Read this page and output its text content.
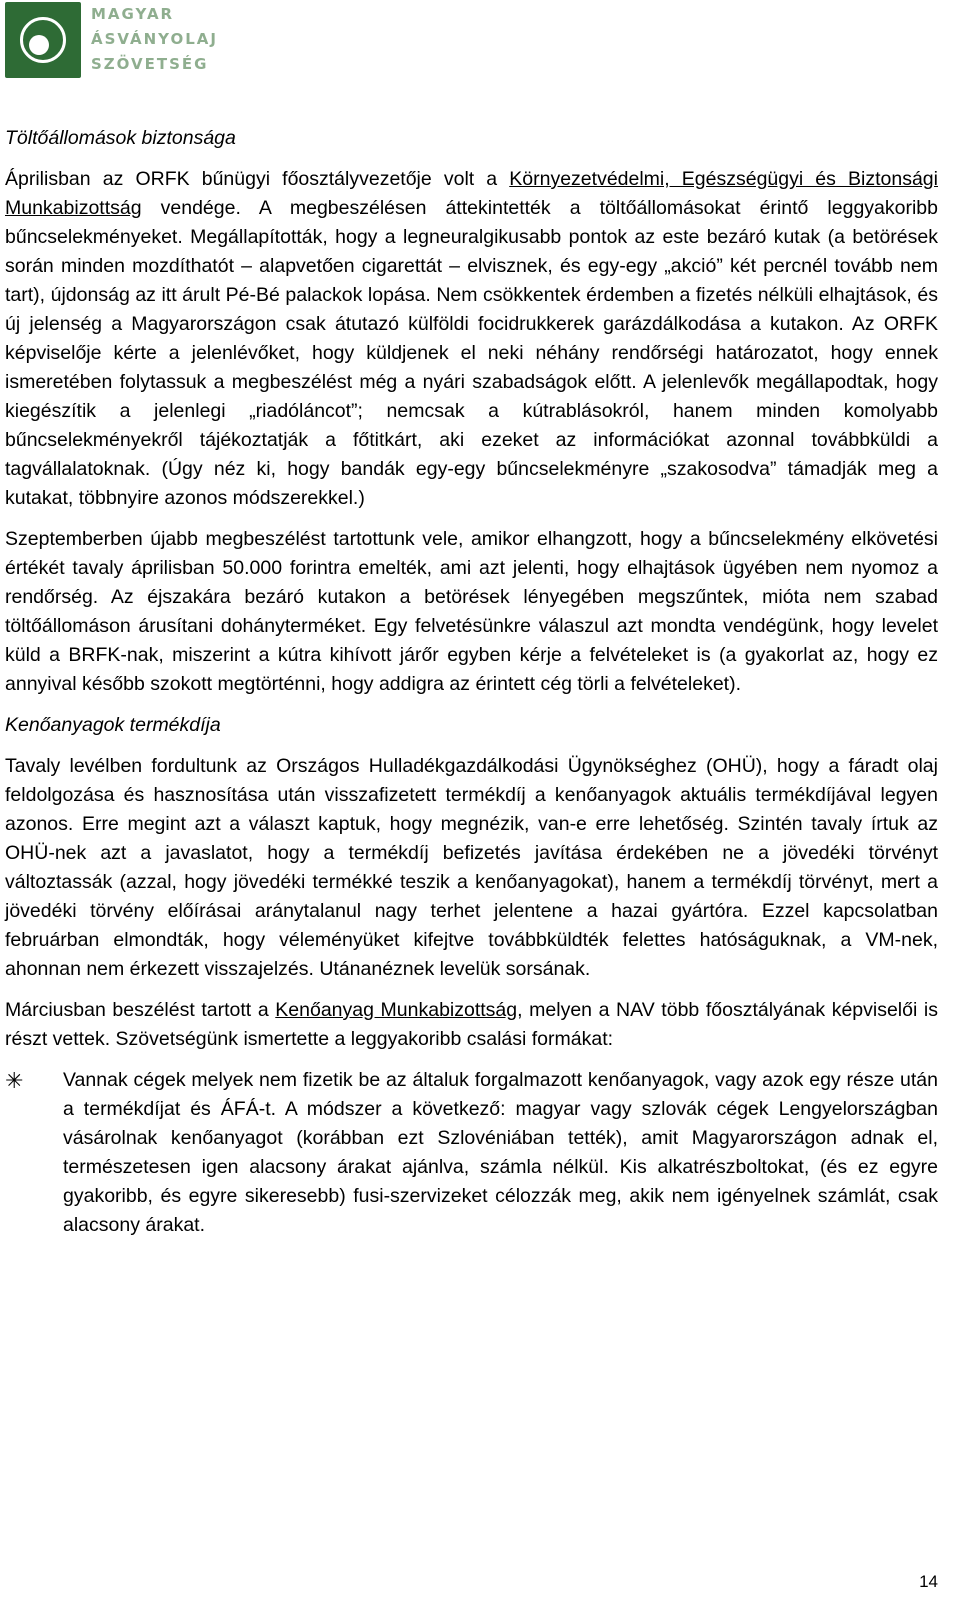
MAGYAR
ÁSVÁNYOLAJ
SZÖVETSÉG
Töltőállomások biztonsága

Áprilisban az ORFK bűnügyi főosztályvezetője volt a Környezetvédelmi, Egészségügyi és Biztonsági Munkabizottság vendége. A megbeszélésen áttekintették a töltőállomásokat érintő leggyakoribb bűncselekményeket. Megállapították, hogy a legneuralgikusabb pontok az este bezáró kutak (a betörések során minden mozdíthatót – alapvetően cigarettát – elvisznek, és egy-egy „akció” két percnél tovább nem tart), újdonság az itt árult Pé-Bé palackok lopása. Nem csökkentek érdemben a fizetés nélküli elhajtások, és új jelenség a Magyarországon csak átutazó külföldi focidrukkerek garázdálkodása a kutakon. Az ORFK képviselője kérte a jelenlévőket, hogy küldjenek el neki néhány rendőrségi határozatot, hogy ennek ismeretében folytassuk a megbeszélést még a nyári szabadságok előtt. A jelenlevők megállapodtak, hogy kiegészítik a jelenlegi „riadóláncot”; nemcsak a kútrablásokról, hanem minden komolyabb bűncselekményekről tájékoztatják a főtitkárt, aki ezeket az információkat azonnal továbbküldi a tagvállalatoknak. (Úgy néz ki, hogy bandák egy-egy bűncselekményre „szakosodva” támadják meg a kutakat, többnyire azonos módszerekkel.)

Szeptemberben újabb megbeszélést tartottunk vele, amikor elhangzott, hogy a bűncselekmény elkövetési értékét tavaly áprilisban 50.000 forintra emelték, ami azt jelenti, hogy elhajtások ügyében nem nyomoz a rendőrség. Az éjszakára bezáró kutakon a betörések lényegében megszűntek, mióta nem szabad töltőállomáson árusítani dohányterméket. Egy felvetésünkre válaszul azt mondta vendégünk, hogy levelet küld a BRFK-nak, miszerint a kútra kihívott járőr egyben kérje a felvételeket is (a gyakorlat az, hogy ez annyival később szokott megtörténni, hogy addigra az érintett cég törli a felvételeket).

Kenőanyagok termékdíja

Tavaly levélben fordultunk az Országos Hulladékgazdálkodási Ügynökséghez (OHÜ), hogy a fáradt olaj feldolgozása és hasznosítása után visszafizetett termékdíj a kenőanyagok aktuális termékdíjával legyen azonos. Erre megint azt a választ kaptuk, hogy megnézik, van-e erre lehetőség. Szintén tavaly írtuk az OHÜ-nek azt a javaslatot, hogy a termékdíj befizetés javítása érdekében ne a jövedéki törvényt változtassák (azzal, hogy jövedéki termékké teszik a kenőanyagokat), hanem a termékdíj törvényt, mert a jövedéki törvény előírásai aránytalanul nagy terhet jelentene a hazai gyártóra. Ezzel kapcsolatban februárban elmondták, hogy véleményüket kifejtve továbbküldték felettes hatóságuknak, a VM-nek, ahonnan nem érkezett visszajelzés. Utánanéznek levelük sorsának.

Márciusban beszélést tartott a Kenőanyag Munkabizottság, melyen a NAV több főosztályának képviselői is részt vettek. Szövetségünk ismertette a leggyakoribb csalási formákat:

✳ Vannak cégek melyek nem fizetik be az általuk forgalmazott kenőanyagok, vagy azok egy része után a termékdíjat és ÁFÁ-t. A módszer a következő: magyar vagy szlovák cégek Lengyelországban vásárolnak kenőanyagot (korábban ezt Szlovéniában tették), amit Magyarországon adnak el, természetesen igen alacsony árakat ajánlva, számla nélkül. Kis alkatrészboltokat, (és ez egyre gyakoribb, és egyre sikeresebb) fusi-szervizeket célozzák meg, akik nem igényelnek számlát, csak alacsony árakat.
14
